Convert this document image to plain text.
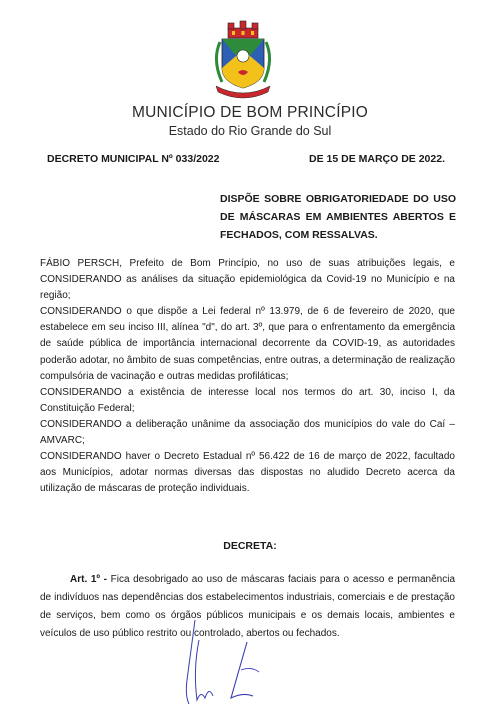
MUNICÍPIO DE BOM PRINCÍPIO
Estado do Rio Grande do Sul
DECRETO MUNICIPAL Nº 033/2022	DE 15 DE MARÇO DE 2022.
DISPÕE SOBRE OBRIGATORIEDADE DO USO DE MÁSCARAS EM AMBIENTES ABERTOS E FECHADOS, COM RESSALVAS.

FÁBIO PERSCH, Prefeito de Bom Princípio, no uso de suas atribuições legais, e CONSIDERANDO as análises da situação epidemiológica da Covid-19 no Município e na região;

CONSIDERANDO o que dispõe a Lei federal nº 13.979, de 6 de fevereiro de 2020, que estabelece em seu inciso III, alínea "d", do art. 3º, que para o enfrentamento da emergência de saúde pública de importância internacional decorrente da COVID-19, as autoridades poderão adotar, no âmbito de suas competências, entre outras, a determinação de realização compulsória de vacinação e outras medidas profiláticas;

CONSIDERANDO a existência de interesse local nos termos do art. 30, inciso I, da Constituição Federal;

CONSIDERANDO a deliberação unânime da associação dos municípios do vale do Caí – AMVARC;

CONSIDERANDO haver o Decreto Estadual nº 56.422 de 16 de março de 2022, facultado aos Municípios, adotar normas diversas das dispostas no aludido Decreto acerca da utilização de máscaras de proteção individuais.

DECRETA:
Art. 1º - Fica desobrigado ao uso de máscaras faciais para o acesso e permanência de indivíduos nas dependências dos estabelecimentos industriais, comerciais e de prestação de serviços, bem como os órgãos públicos municipais e os demais locais, ambientes e veículos de uso público restrito ou controlado, abertos ou fechados.
